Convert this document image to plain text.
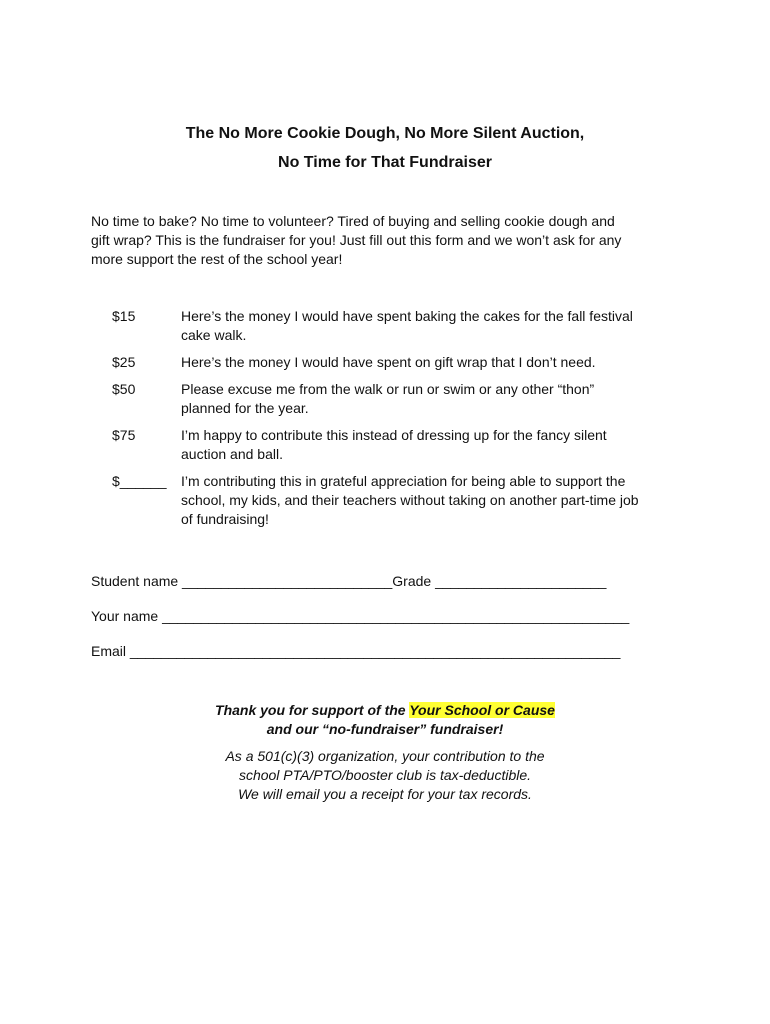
The No More Cookie Dough, No More Silent Auction,
No Time for That Fundraiser
No time to bake? No time to volunteer? Tired of buying and selling cookie dough and
gift wrap? This is the fundraiser for you! Just fill out this form and we won’t ask for any
more support the rest of the school year!
$15	Here’s the money I would have spent baking the cakes for the fall festival
cake walk.
$25	Here’s the money I would have spent on gift wrap that I don’t need.
$50	Please excuse me from the walk or run or swim or any other “thon”
planned for the year.
$75	I’m happy to contribute this instead of dressing up for the fancy silent
auction and ball.
$______	I’m contributing this in grateful appreciation for being able to support the
school, my kids, and their teachers without taking on another part-time job
of fundraising!
Student name ___________________________Grade ______________________
Your name ____________________________________________________________
Email _______________________________________________________________
Thank you for support of the Your School or Cause
and our “no-fundraiser” fundraiser!
As a 501(c)(3) organization, your contribution to the
school PTA/PTO/booster club is tax-deductible.
We will email you a receipt for your tax records.
